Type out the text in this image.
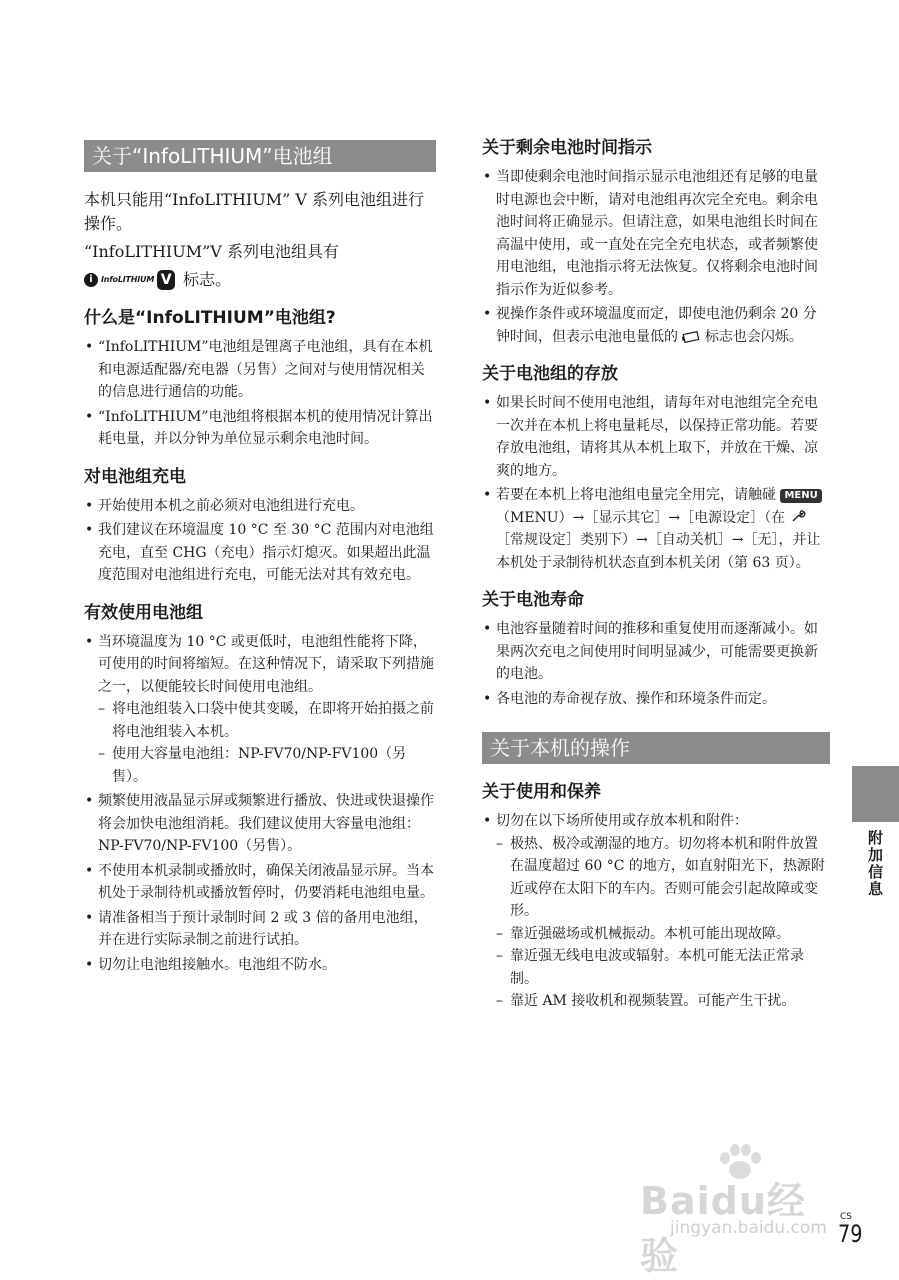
关于“InfoLITHIUM”电池组

本机只能用“InfoLITHIUM” V 系列电池组进行操作。

“InfoLITHIUM”V 系列电池组具有

i	InfoLITHIUM V 标志。

什么是“InfoLITHIUM”电池组?
• “InfoLITHIUM”电池组是锂离子电池组，具有在本机和电源适配器/充电器（另售）之间对与使用情况相关的信息进行通信的功能。
• “InfoLITHIUM”电池组将根据本机的使用情况计算出耗电量，并以分钟为单位显示剩余电池时间。
对电池组充电
• 开始使用本机之前必须对电池组进行充电。
• 我们建议在环境温度 10 °C 至 30 °C 范围内对电池组充电，直至 CHG（充电）指示灯熄灭。如果超出此温度范围对电池组进行充电，可能无法对其有效充电。
有效使用电池组
• 当环境温度为 10 °C 或更低时，电池组性能将下降，可使用的时间将缩短。在这种情况下，请采取下列措施之一，以便能较长时间使用电池组。
– 将电池组装入口袋中使其变暖，在即将开始拍摄之前将电池组装入本机。
– 使用大容量电池组：NP-FV70/NP-FV100（另售）。
• 频繁使用液晶显示屏或频繁进行播放、快进或快退操作将会加快电池组消耗。我们建议使用大容量电池组：NP-FV70/NP-FV100（另售）。
• 不使用本机录制或播放时，确保关闭液晶显示屏。当本机处于录制待机或播放暂停时，仍要消耗电池组电量。
• 请准备相当于预计录制时间 2 或 3 倍的备用电池组，并在进行实际录制之前进行试拍。
• 切勿让电池组接触水。电池组不防水。
关于剩余电池时间指示
• 当即使剩余电池时间指示显示电池组还有足够的电量时电源也会中断，请对电池组再次完全充电。剩余电池时间将正确显示。但请注意，如果电池组长时间在高温中使用，或一直处在完全充电状态，或者频繁使用电池组，电池指示将无法恢复。仅将剩余电池时间指示作为近似参考。
• 视操作条件或环境温度而定，即使电池仍剩余 20 分钟时间，但表示电池电量低的 标志也会闪烁。
关于电池组的存放
• 如果长时间不使用电池组，请每年对电池组完全充电一次并在本机上将电量耗尽，以保持正常功能。若要存放电池组，请将其从本机上取下，并放在干燥、凉爽的地方。
• 若要在本机上将电池组电量完全用完，请触碰 MENU （MENU）→［显示其它］→［电源设定］（在  ［常规设定］类别下）→［自动关机］→［无］，并让本机处于录制待机状态直到本机关闭（第 63 页）。
关于电池寿命
• 电池容量随着时间的推移和重复使用而逐渐减小。如果两次充电之间使用时间明显减少，可能需要更换新的电池。
• 各电池的寿命视存放、操作和环境条件而定。
关于本机的操作
关于使用和保养
• 切勿在以下场所使用或存放本机和附件：
– 极热、极冷或潮湿的地方。切勿将本机和附件放置在温度超过 60 °C 的地方，如直射阳光下，热源附近或停在太阳下的车内。否则可能会引起故障或变形。
– 靠近强磁场或机械振动。本机可能出现故障。
– 靠近强无线电电波或辐射。本机可能无法正常录制。
– 靠近 AM 接收机和视频装置。可能产生干扰。
附加信息
Baidu经验
jingyan.baidu.com
CS
79
